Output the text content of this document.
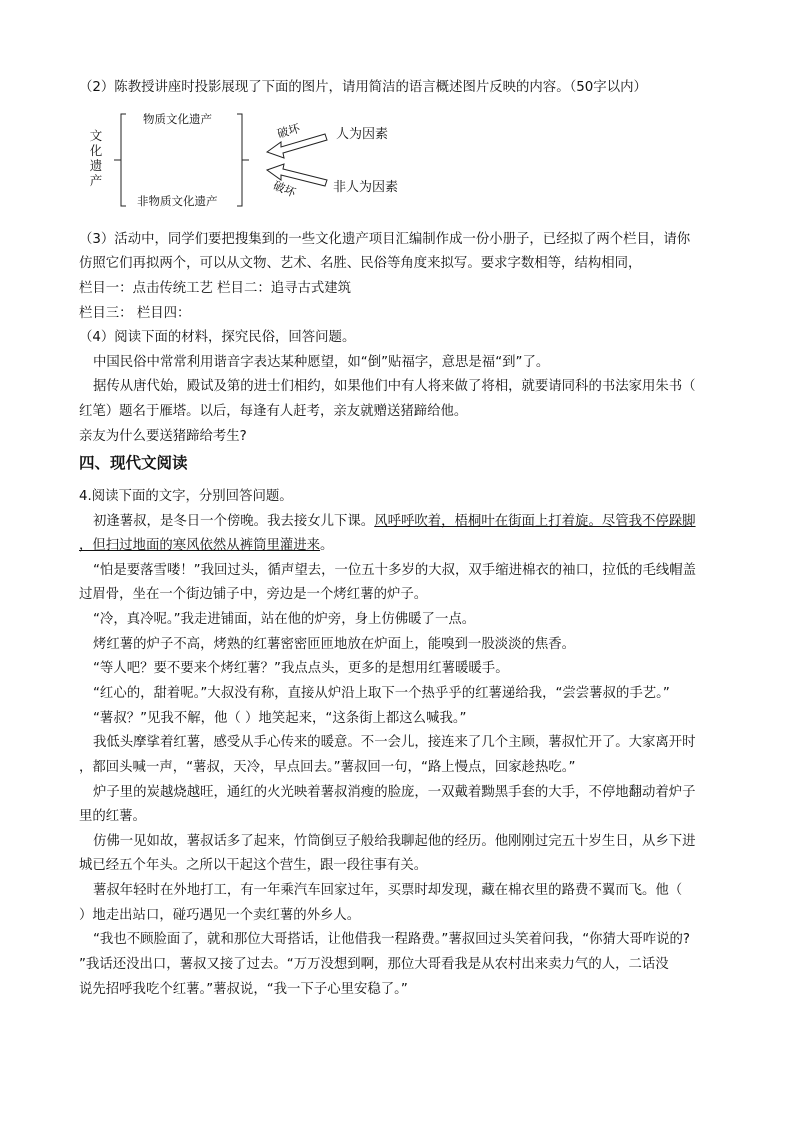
（2）陈教授讲座时投影展现了下面的图片，请用简洁的语言概述图片反映的内容。（50字以内）
文化遗产
物质文化遗产
非物质文化遗产
破坏
破坏
人为因素
非人为因素
（3）活动中，同学们要把搜集到的一些文化遗产项目汇编制作成一份小册子，已经拟了两个栏目，请你
仿照它们再拟两个，可以从文物、艺术、名胜、民俗等角度来拟写。要求字数相等，结构相同，
栏目一：点击传统工艺 栏目二：追寻古式建筑
栏目三： 栏目四：
（4）阅读下面的材料，探究民俗，回答问题。
中国民俗中常常利用谐音字表达某种愿望，如“倒”贴福字，意思是福“到”了。
据传从唐代始，殿试及第的进士们相约，如果他们中有人将来做了将相，就要请同科的书法家用朱书（
红笔）题名于雁塔。以后，每逢有人赶考，亲友就赠送猪蹄给他。
亲友为什么要送猪蹄给考生?
四、现代文阅读
4.阅读下面的文字，分别回答问题。
初逢薯叔，是冬日一个傍晚。我去接女儿下课。风呼呼吹着，梧桐叶在街面上打着旋。尽管我不停跺脚
，但扫过地面的寒风依然从裤筒里灌进来。
“怕是要落雪喽！”我回过头，循声望去，一位五十多岁的大叔，双手缩进棉衣的袖口，拉低的毛线帽盖
过眉骨，坐在一个街边铺子中，旁边是一个烤红薯的炉子。
“冷，真冷呢。”我走进铺面，站在他的炉旁，身上仿佛暖了一点。
烤红薯的炉子不高，烤熟的红薯密密匝匝地放在炉面上，能嗅到一股淡淡的焦香。
“等人吧？要不要来个烤红薯？”我点点头，更多的是想用红薯暖暖手。
“红心的，甜着呢。”大叔没有称，直接从炉沿上取下一个热乎乎的红薯递给我，“尝尝薯叔的手艺。”
“薯叔？”见我不解，他（ ）地笑起来，“这条街上都这么喊我。”
我低头摩挲着红薯，感受从手心传来的暖意。不一会儿，接连来了几个主顾，薯叔忙开了。大家离开时
，都回头喊一声，“薯叔，天冷，早点回去。”薯叔回一句，“路上慢点，回家趁热吃。”
炉子里的炭越烧越旺，通红的火光映着薯叔消瘦的脸庞，一双戴着黝黑手套的大手，不停地翻动着炉子
里的红薯。
仿佛一见如故，薯叔话多了起来，竹筒倒豆子般给我聊起他的经历。他刚刚过完五十岁生日，从乡下进
城已经五个年头。之所以干起这个营生，跟一段往事有关。
薯叔年轻时在外地打工，有一年乘汽车回家过年，买票时却发现，藏在棉衣里的路费不翼而飞。他（
）地走出站口，碰巧遇见一个卖红薯的外乡人。
“我也不顾脸面了，就和那位大哥搭话，让他借我一程路费。”薯叔回过头笑着问我，“你猜大哥咋说的?
”我话还没出口，薯叔又接了过去。“万万没想到啊，那位大哥看我是从农村出来卖力气的人，二话没
说先招呼我吃个红薯。”薯叔说，“我一下子心里安稳了。”
